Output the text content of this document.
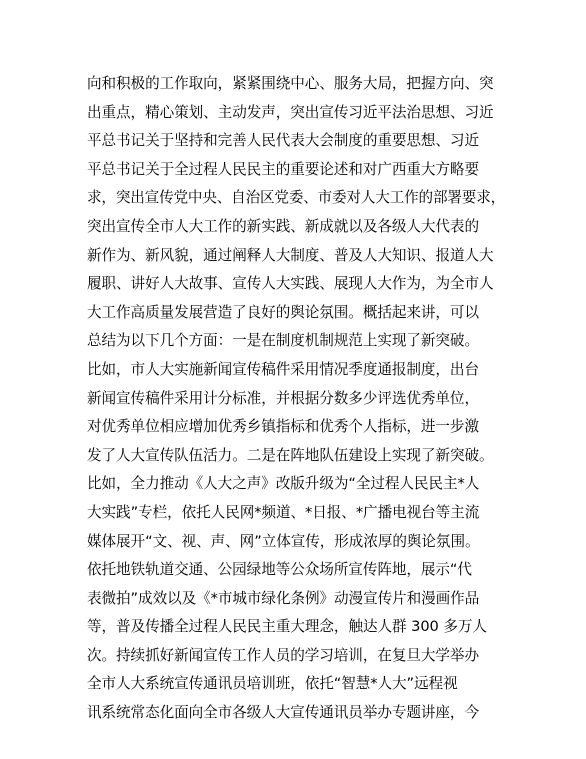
向和积极的工作取向，紧紧围绕中心、服务大局，把握方向、突
出重点，精心策划、主动发声，突出宣传习近平法治思想、习近
平总书记关于坚持和完善人民代表大会制度的重要思想、习近
平总书记关于全过程人民民主的重要论述和对广西重大方略要
求，突出宣传党中央、自治区党委、市委对人大工作的部署要求，
突出宣传全市人大工作的新实践、新成就以及各级人大代表的
新作为、新风貌，通过阐释人大制度、普及人大知识、报道人大
履职、讲好人大故事、宣传人大实践、展现人大作为，为全市人
大工作高质量发展营造了良好的舆论氛围。概括起来讲，可以
总结为以下几个方面：一是在制度机制规范上实现了新突破。
比如，市人大实施新闻宣传稿件采用情况季度通报制度，出台
新闻宣传稿件采用计分标准，并根据分数多少评选优秀单位，
对优秀单位相应增加优秀乡镇指标和优秀个人指标，进一步激
发了人大宣传队伍活力。二是在阵地队伍建设上实现了新突破。
比如，全力推动《人大之声》改版升级为“全过程人民民主*人
大实践”专栏，依托人民网*频道、*日报、*广播电视台等主流
媒体展开“文、视、声、网”立体宣传，形成浓厚的舆论氛围。
依托地铁轨道交通、公园绿地等公众场所宣传阵地，展示“代
表微拍”成效以及《*市城市绿化条例》动漫宣传片和漫画作品
等，普及传播全过程人民民主重大理念，触达人群 300 多万人
次。持续抓好新闻宣传工作人员的学习培训，在复旦大学举办
全市人大系统宣传通讯员培训班，依托“智慧*人大”远程视
讯系统常态化面向全市各级人大宣传通讯员举办专题讲座，今
